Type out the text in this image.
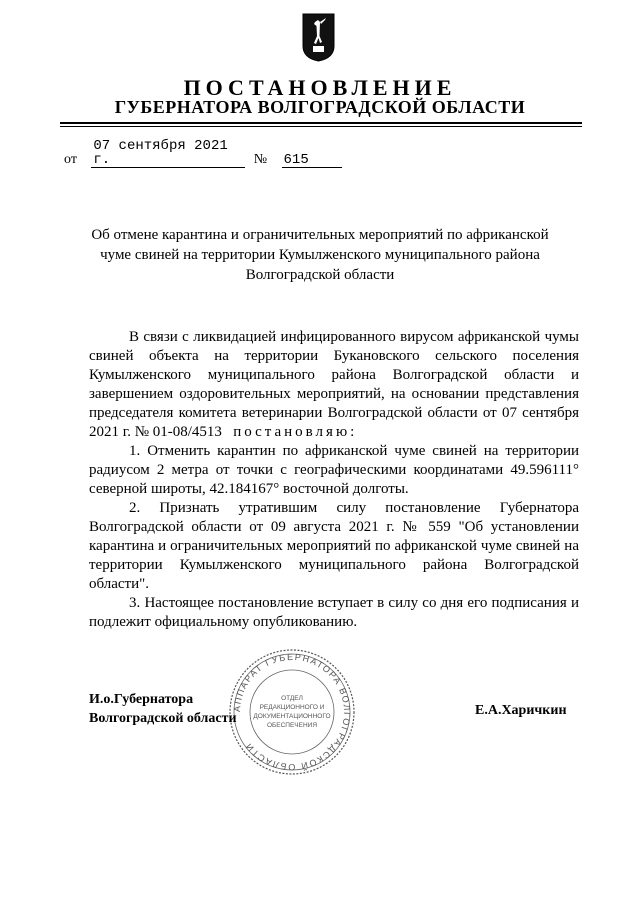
ПОСТАНОВЛЕНИЕ
ГУБЕРНАТОРА ВОЛГОГРАДСКОЙ ОБЛАСТИ
от 07 сентября 2021 г.	№ 615
Об отмене карантина и ограничительных мероприятий по африканской
чуме свиней на территории Кумылженского муниципального района
Волгоградской области
В связи с ликвидацией инфицированного вирусом африканской чумы свиней объекта на территории Букановского сельского поселения Кумылженского муниципального района Волгоградской области и завершением оздоровительных мероприятий, на основании представления председателя комитета ветеринарии Волгоградской области от 07 сентября 2021 г. № 01-08/4513 постановляю:
1. Отменить карантин по африканской чуме свиней на территории радиусом 2 метра от точки с географическими координатами 49.596111° северной широты, 42.184167° восточной долготы.
2. Признать утратившим силу постановление Губернатора Волгоградской области от 09 августа 2021 г. № 559 "Об установлении карантина и ограничительных мероприятий по африканской чуме свиней на территории Кумылженского муниципального района Волгоградской области".
3. Настоящее постановление вступает в силу со дня его подписания и подлежит официальному опубликованию.
АППАРАТ ГУБЕРНАТОРА ВОЛГОГРАДСКОЙ ОБЛАСТИ
ОТДЕЛ
РЕДАКЦИОННОГО И
ДОКУМЕНТАЦИОННОГО
ОБЕСПЕЧЕНИЯ
И.о.Губернатора
Волгоградской области
Е.А.Харичкин
